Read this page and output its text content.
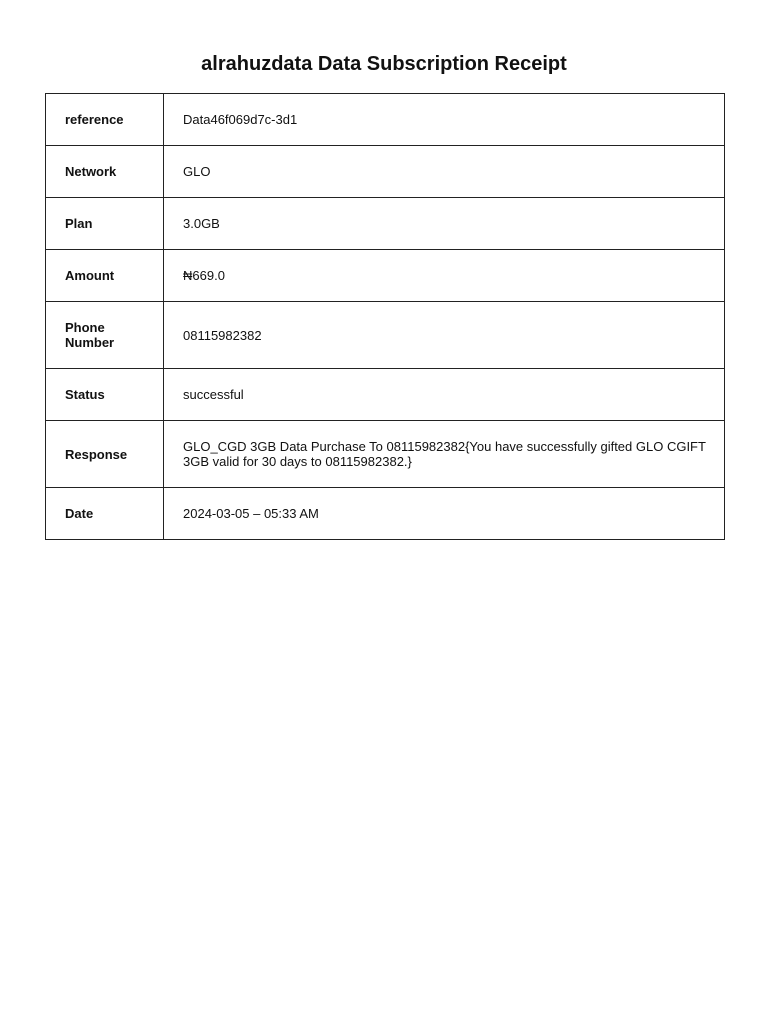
alrahuzdata Data Subscription Receipt
reference	Data46f069d7c-3d1
Network	GLO
Plan	3.0GB
Amount	₦669.0
Phone Number	08115982382
Status	successful
Response	GLO_CGD 3GB Data Purchase To 08115982382{You have successfully gifted GLO CGIFT 3GB valid for 30 days to 08115982382.}
Date	2024-03-05 – 05:33 AM
